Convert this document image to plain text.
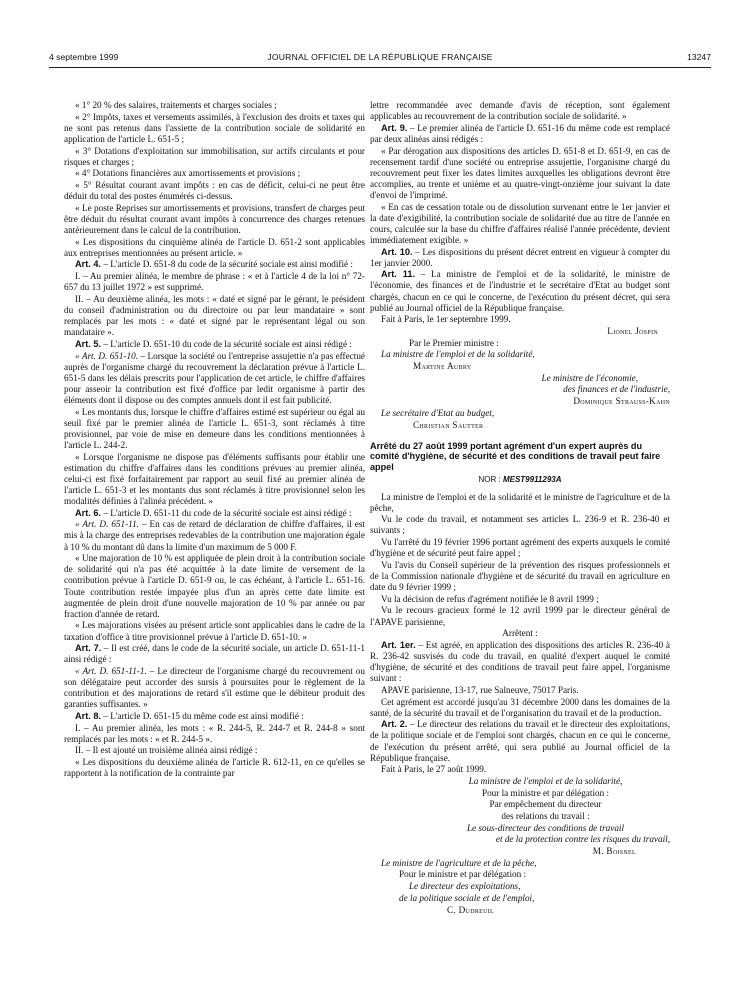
4 septembre 1999	JOURNAL OFFICIEL DE LA RÉPUBLIQUE FRANÇAISE	13247

« 1° 20 % des salaires, traitements et charges sociales ;

« 2° Impôts, taxes et versements assimilés, à l'exclusion des droits et taxes qui ne sont pas retenus dans l'assiette de la contribution sociale de solidarité en application de l'article L. 651-5 ;

« 3° Dotations d'exploitation sur immobilisation, sur actifs circulants et pour risques et charges ;

« 4° Dotations financières aux amortissements et provisions ;

« 5° Résultat courant avant impôts : en cas de déficit, celui-ci ne peut être déduit du total des postes énumérés ci-dessus.

« Le poste Reprises sur amortissements et provisions, transfert de charges peut être déduit du résultat courant avant impôts à concurrence des charges retenues antérieurement dans le calcul de la contribution.

« Les dispositions du cinquième alinéa de l'article D. 651-2 sont applicables aux entreprises mentionnées au présent article. »

Art. 4. – L'article D. 651-8 du code de la sécurité sociale est ainsi modifié :

I. – Au premier alinéa, le membre de phrase : « et à l'article 4 de la loi n° 72-657 du 13 juillet 1972 » est supprimé.

II. – Au deuxième alinéa, les mots : « daté et signé par le gérant, le président du conseil d'administration ou du directoire ou par leur mandataire » sont remplacés par les mots : « daté et signé par le représentant légal ou son mandataire ».

Art. 5. – L'article D. 651-10 du code de la sécurité sociale est ainsi rédigé :

« Art. D. 651-10. – Lorsque la société ou l'entreprise assujettie n'a pas effectué auprès de l'organisme chargé du recouvrement la déclaration prévue à l'article L. 651-5 dans les délais prescrits pour l'application de cet article, le chiffre d'affaires pour asseoir la contribution est fixé d'office par ledit organisme à partir des éléments dont il dispose ou des comptes annuels dont il est fait publicité.

« Les montants dus, lorsque le chiffre d'affaires estimé est supérieur ou égal au seuil fixé par le premier alinéa de l'article L. 651-3, sont réclamés à titre provisionnel, par voie de mise en demeure dans les conditions mentionnées à l'article L. 244-2.

« Lorsque l'organisme ne dispose pas d'éléments suffisants pour établir une estimation du chiffre d'affaires dans les conditions prévues au premier alinéa, celui-ci est fixé forfaitairement par rapport au seuil fixé au premier alinéa de l'article L. 651-3 et les montants dus sont réclamés à titre provisionnel selon les modalités définies à l'alinéa précédent. »

Art. 6. – L'article D. 651-11 du code de la sécurité sociale est ainsi rédigé :

« Art. D. 651-11. – En cas de retard de déclaration de chiffre d'affaires, il est mis à la charge des entreprises redevables de la contribution une majoration égale à 10 % du montant dû dans la limite d'un maximum de 5 000 F.

« Une majoration de 10 % est appliquée de plein droit à la contribution sociale de solidarité qui n'a pas été acquittée à la date limite de versement de la contribution prévue à l'article D. 651-9 ou, le cas échéant, à l'article L. 651-16. Toute contribution restée impayée plus d'un an après cette date limite est augmentée de plein droit d'une nouvelle majoration de 10 % par année ou par fraction d'année de retard.

« Les majorations visées au présent article sont applicables dans le cadre de la taxation d'office à titre provisionnel prévue à l'article D. 651-10. »

Art. 7. – Il est créé, dans le code de la sécurité sociale, un article D. 651-11-1 ainsi rédigé :

« Art. D. 651-11-1. – Le directeur de l'organisme chargé du recouvrement ou son délégataire peut accorder des sursis à poursuites pour le règlement de la contribution et des majorations de retard s'il estime que le débiteur produit des garanties suffisantes. »

Art. 8. – L'article D. 651-15 du même code est ainsi modifié :

I. – Au premier alinéa, les mots : « R. 244-5, R. 244-7 et R. 244-8 » sont remplacés par les mots : « et R. 244-5 ».

II. – Il est ajouté un troisième alinéa ainsi rédigé :

« Les dispositions du deuxième alinéa de l'article R. 612-11, en ce qu'elles se rapportent à la notification de la contrainte par

lettre recommandée avec demande d'avis de réception, sont également applicables au recouvrement de la contribution sociale de solidarité. »

Art. 9. – Le premier alinéa de l'article D. 651-16 du même code est remplacé par deux alinéas ainsi rédigés :

« Par dérogation aux dispositions des articles D. 651-8 et D. 651-9, en cas de recensement tardif d'une société ou entreprise assujettie, l'organisme chargé du recouvrement peut fixer les dates limites auxquelles les obligations devront être accomplies, au trente et unième et au quatre-vingt-onzième jour suivant la date d'envoi de l'imprimé.

« En cas de cessation totale ou de dissolution survenant entre le 1er janvier et la date d'exigibilité, la contribution sociale de solidarité due au titre de l'année en cours, calculée sur la base du chiffre d'affaires réalisé l'année précédente, devient immédiatement exigible. »

Art. 10. – Les dispositions du présent décret entrent en vigueur à compter du 1er janvier 2000.

Art. 11. – La ministre de l'emploi et de la solidarité, le ministre de l'économie, des finances et de l'industrie et le secrétaire d'Etat au budget sont chargés, chacun en ce qui le concerne, de l'exécution du présent décret, qui sera publié au Journal officiel de la République française.

Fait à Paris, le 1er septembre 1999.

Lionel Jospin

Par le Premier ministre :

La ministre de l'emploi et de la solidarité,

Martine Aubry

Le ministre de l'économie,

des finances et de l'industrie,

Dominique Strauss-Kahn

Le secrétaire d'Etat au budget,

Christian Sautter

Arrêté du 27 août 1999 portant agrément d'un expert auprès du comité d'hygiène, de sécurité et des conditions de travail peut faire appel
NOR : MEST9911293A

La ministre de l'emploi et de la solidarité et le ministre de l'agriculture et de la pêche,

Vu le code du travail, et notamment ses articles L. 236-9 et R. 236-40 et suivants ;

Vu l'arrêté du 19 février 1996 portant agrément des experts auxquels le comité d'hygiène et de sécurité peut faire appel ;

Vu l'avis du Conseil supérieur de la prévention des risques professionnels et de la Commission nationale d'hygiène et de sécurité du travail en agriculture en date du 9 février 1999 ;

Vu la décision de refus d'agrément notifiée le 8 avril 1999 ;

Vu le recours gracieux formé le 12 avril 1999 par le directeur général de l'APAVE parisienne,

Arrêtent :

Art. 1er. – Est agréé, en application des dispositions des articles R. 236-40 à R. 236-42 susvisés du code du travail, en qualité d'expert auquel le comité d'hygiène, de sécurité et des conditions de travail peut faire appel, l'organisme suivant :

APAVE parisienne, 13-17, rue Salneuve, 75017 Paris.

Cet agrément est accordé jusqu'au 31 décembre 2000 dans les domaines de la santé, de la sécurité du travail et de l'organisation du travail et de la production.

Art. 2. – Le directeur des relations du travail et le directeur des exploitations, de la politique sociale et de l'emploi sont chargés, chacun en ce qui le concerne, de l'exécution du présent arrêté, qui sera publié au Journal officiel de la République française.

Fait à Paris, le 27 août 1999.

La ministre de l'emploi et de la solidarité,

Pour la ministre et par délégation :

Par empêchement du directeur

des relations du travail :

Le sous-directeur des conditions de travail

et de la protection contre les risques du travail,

M. Boisnel

Le ministre de l'agriculture et de la pêche,

Pour le ministre et par délégation :

Le directeur des exploitations,

de la politique sociale et de l'emploi,

C. Dudreuil
